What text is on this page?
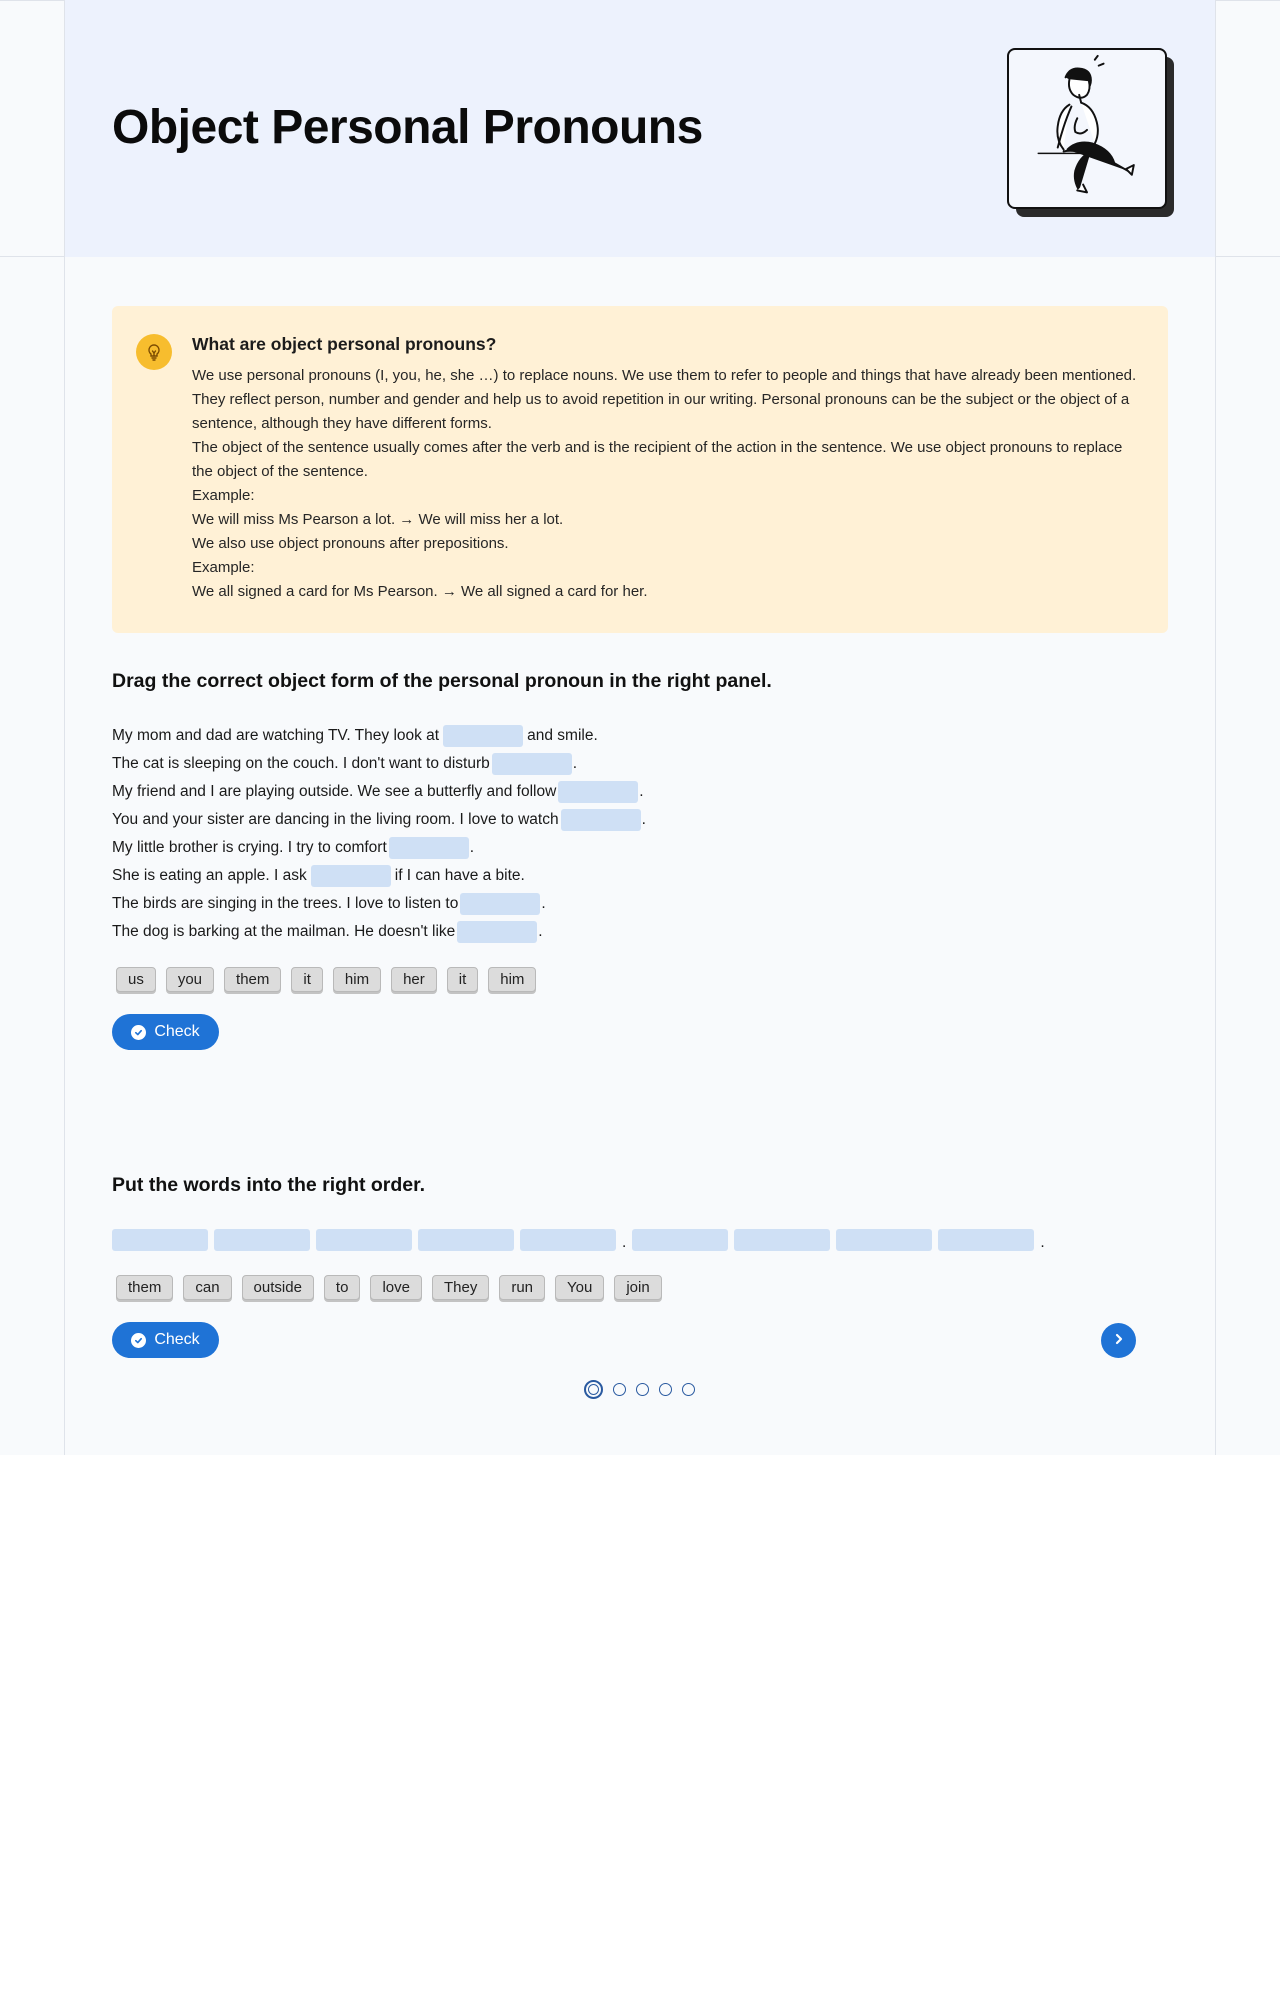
Object Personal Pronouns
What are object personal pronouns?

We use personal pronouns (I, you, he, she …) to replace nouns. We use them to refer to people and things that have already been mentioned. They reflect person, number and gender and help us to avoid repetition in our writing. Personal pronouns can be the subject or the object of a sentence, although they have different forms.

The object of the sentence usually comes after the verb and is the recipient of the action in the sentence. We use object pronouns to replace the object of the sentence.

Example:

We will miss Ms Pearson a lot. → We will miss her a lot.

We also use object pronouns after prepositions.

Example:

We all signed a card for Ms Pearson. → We all signed a card for her.

Drag the correct object form of the personal pronoun in the right panel.
My mom and dad are watching TV. They look at	and smile.
The cat is sleeping on the couch. I don't want to disturb	.
My friend and I are playing outside. We see a butterfly and follow	.
You and your sister are dancing in the living room. I love to watch	.
My little brother is crying. I try to comfort	.
She is eating an apple. I ask	if I can have a bite.
The birds are singing in the trees. I love to listen to	.
The dog is barking at the mailman. He doesn't like	.
us	you	them	it	him	her	it	him
Check
Put the words into the right order.
.	.
them	can	outside	to	love	They	run	You	join
Check
